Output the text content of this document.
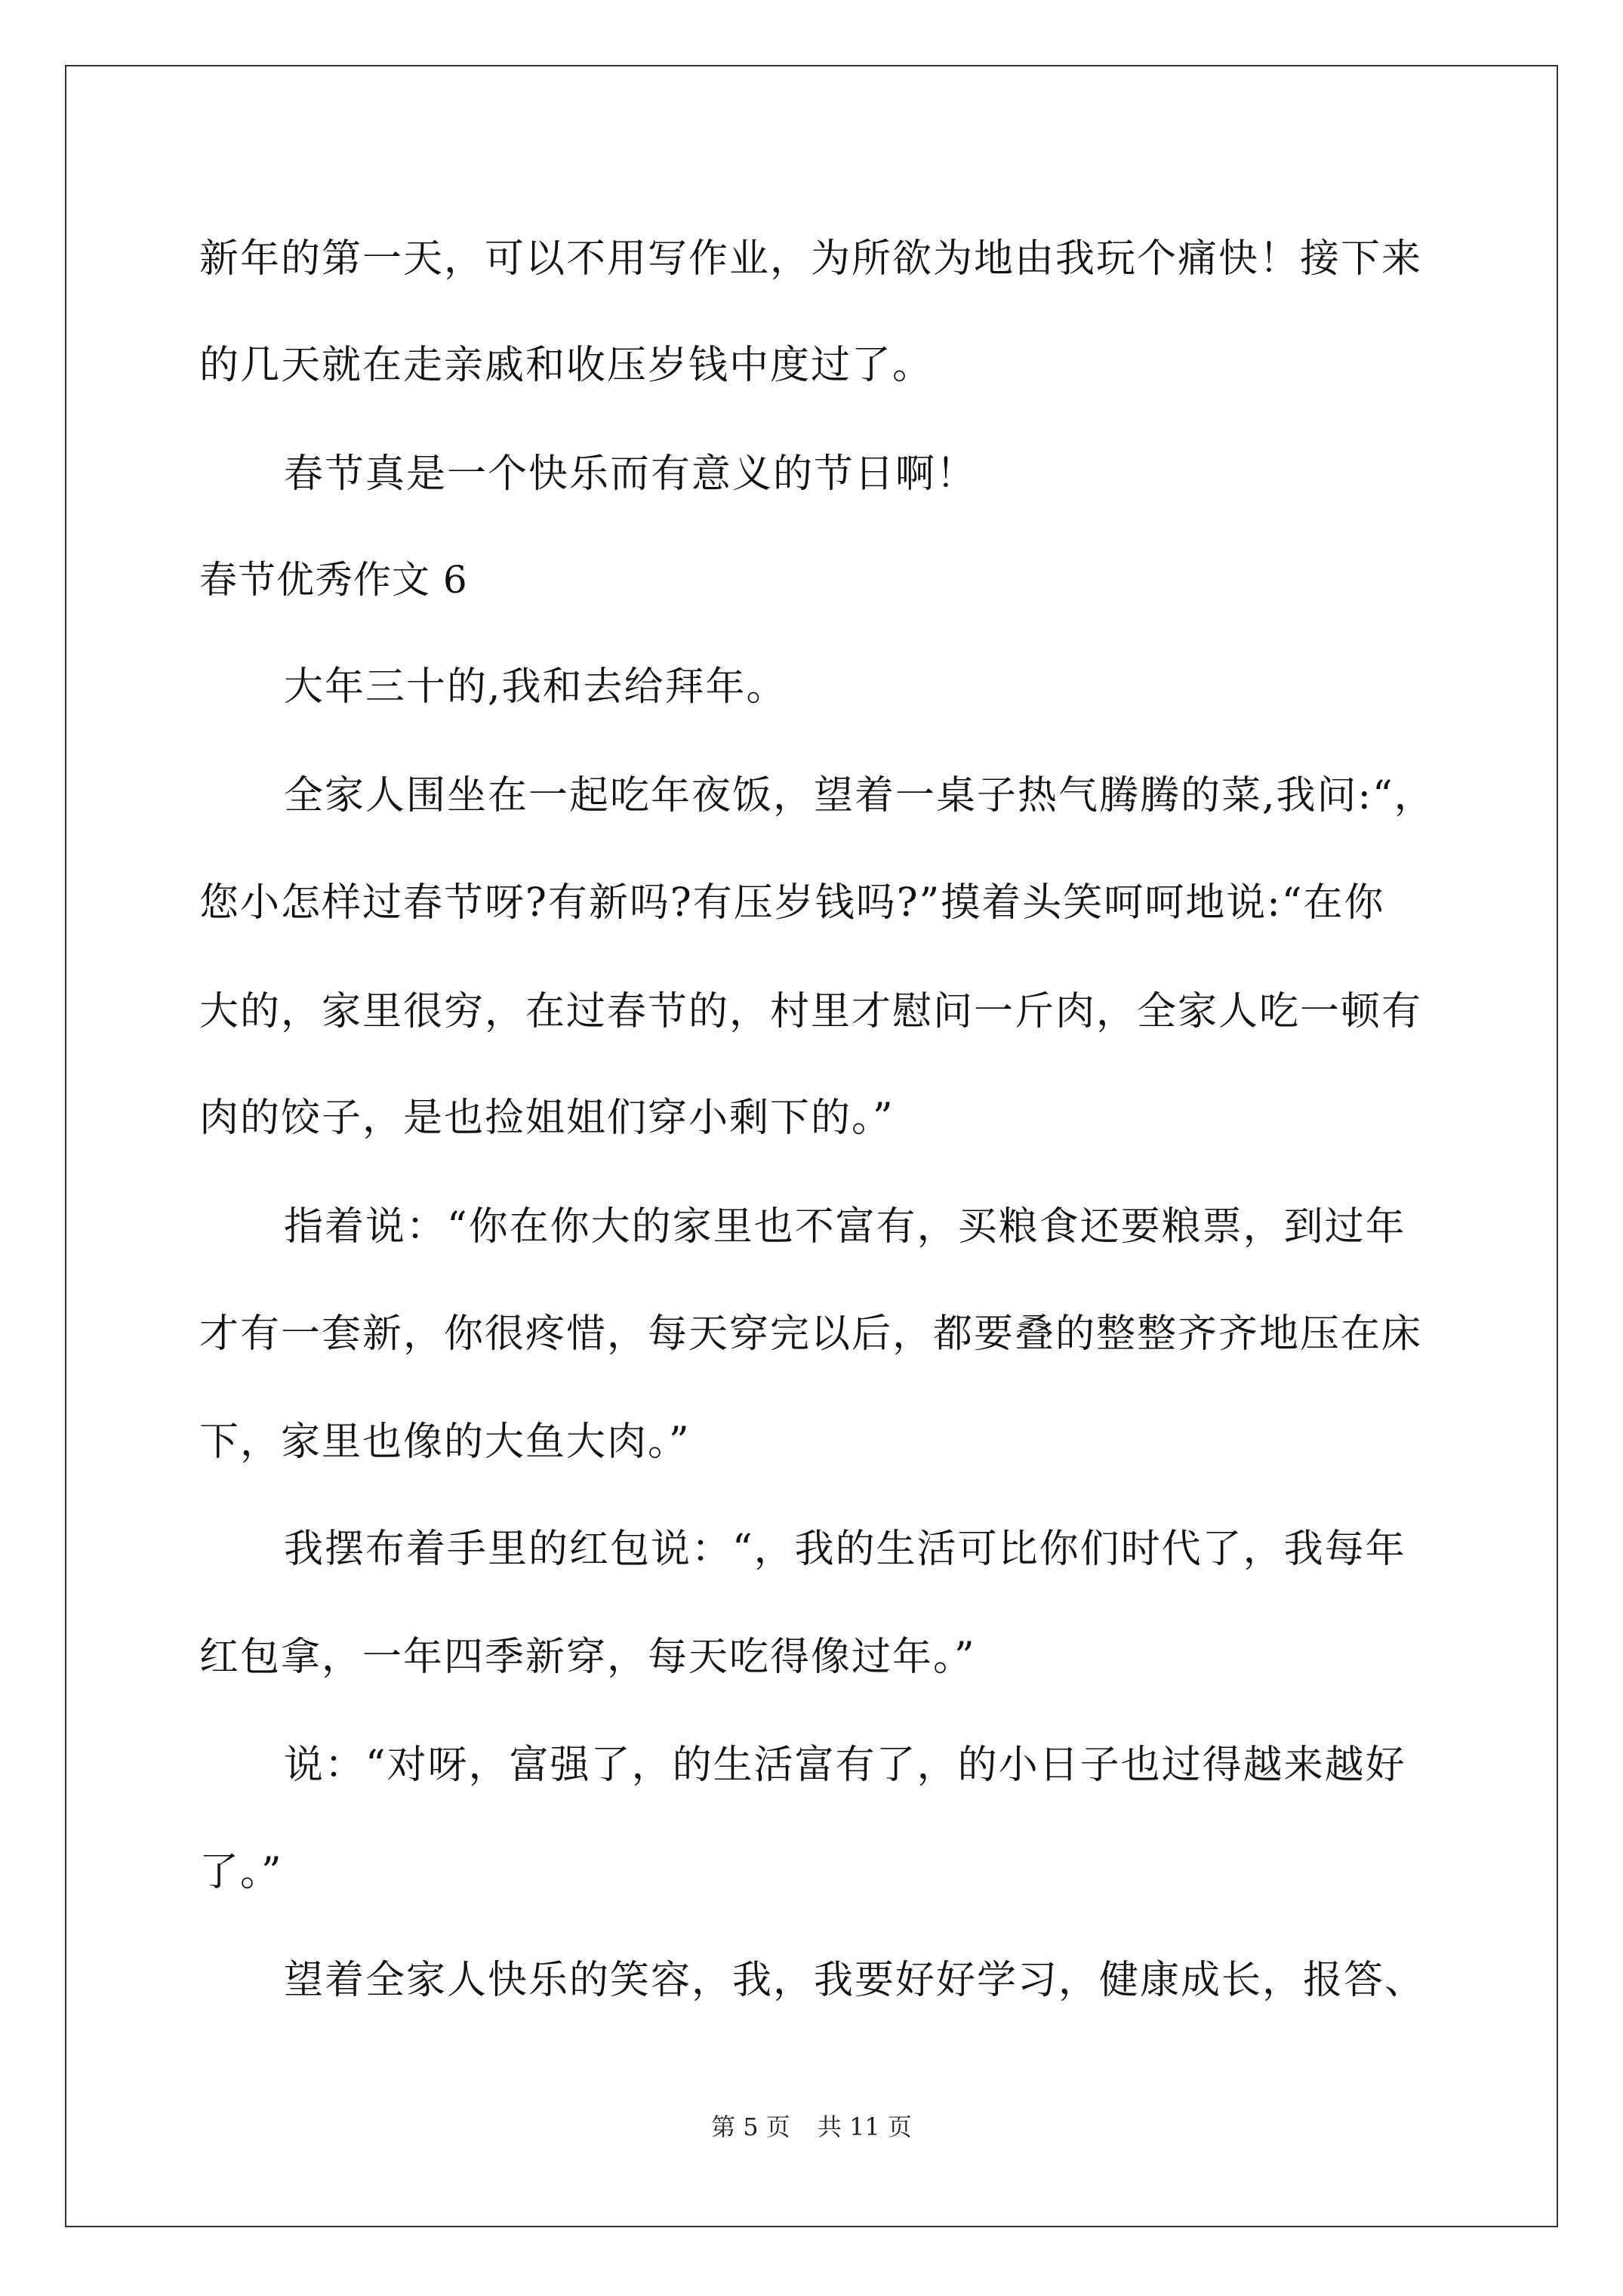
新年的第一天，可以不用写作业，为所欲为地由我玩个痛快！接下来
的几天就在走亲戚和收压岁钱中度过了。
春节真是一个快乐而有意义的节日啊！
春节优秀作文 6
大年三十的,我和去给拜年。
全家人围坐在一起吃年夜饭，望着一桌子热气腾腾的菜,我问:“，
您小怎样过春节呀?有新吗?有压岁钱吗?”摸着头笑呵呵地说:“在你
大的，家里很穷，在过春节的，村里才慰问一斤肉，全家人吃一顿有
肉的饺子，是也捡姐姐们穿小剩下的。”
指着说：“你在你大的家里也不富有，买粮食还要粮票，到过年
才有一套新，你很疼惜，每天穿完以后，都要叠的整整齐齐地压在床
下，家里也像的大鱼大肉。”
我摆布着手里的红包说：“，我的生活可比你们时代了，我每年
红包拿，一年四季新穿，每天吃得像过年。”
说：“对呀，富强了，的生活富有了，的小日子也过得越来越好
了。”
望着全家人快乐的笑容，我，我要好好学习，健康成长，报答、
第 5 页 共 11 页
